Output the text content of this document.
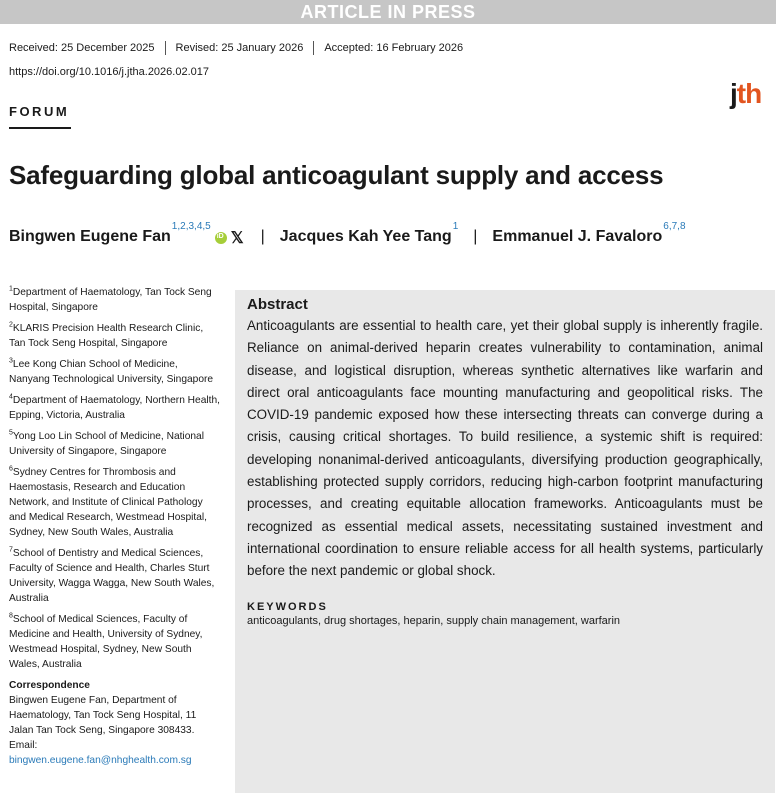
ARTICLE IN PRESS
Received: 25 December 2025 Revised: 25 January 2026 Accepted: 16 February 2026
https://doi.org/10.1016/j.jtha.2026.02.017
jth
FORUM
Safeguarding global anticoagulant supply and access
Bingwen Eugene Fan
$^{1,2,3,4,5}$
iD
𝕏 | Jacques Kah Yee Tang
$^1$
| Emmanuel J. Favaloro
$^{6,7,8}$
$^1$Department of Haematology, Tan Tock Seng Hospital, Singapore
$^2$KLARIS Precision Health Research Clinic, Tan Tock Seng Hospital, Singapore
$^3$Lee Kong Chian School of Medicine, Nanyang Technological University, Singapore
$^4$Department of Haematology, Northern Health, Epping, Victoria, Australia
$^5$Yong Loo Lin School of Medicine, National University of Singapore, Singapore
$^6$Sydney Centres for Thrombosis and Haemostasis, Research and Education Network, and Institute of Clinical Pathology and Medical Research, Westmead Hospital, Sydney, New South Wales, Australia
$^7$School of Dentistry and Medical Sciences, Faculty of Science and Health, Charles Sturt University, Wagga Wagga, New South Wales, Australia
$^8$School of Medical Sciences, Faculty of Medicine and Health, University of Sydney, Westmead Hospital, Sydney, New South Wales, Australia
Correspondence
Bingwen Eugene Fan, Department of Haematology, Tan Tock Seng Hospital, 11 Jalan Tan Tock Seng, Singapore 308433.
Email: bingwen.eugene.fan@nhghealth.com.sg
Abstract
Anticoagulants are essential to health care, yet their global supply is inherently fragile. Reliance on animal-derived heparin creates vulnerability to contamination, animal disease, and logistical disruption, whereas synthetic alternatives like warfarin and direct oral anticoagulants face mounting manufacturing and geopolitical risks. The COVID-19 pandemic exposed how these intersecting threats can converge during a crisis, causing critical shortages. To build resilience, a systemic shift is required: developing nonanimal-derived anticoagulants, diversifying production geographically, establishing protected supply corridors, reducing high-carbon footprint manufacturing processes, and creating equitable allocation frameworks. Anticoagulants must be recognized as essential medical assets, necessitating sustained investment and international coordination to ensure reliable access for all health systems, particularly before the next pandemic or global shock.
KEYWORDS
anticoagulants, drug shortages, heparin, supply chain management, warfarin
